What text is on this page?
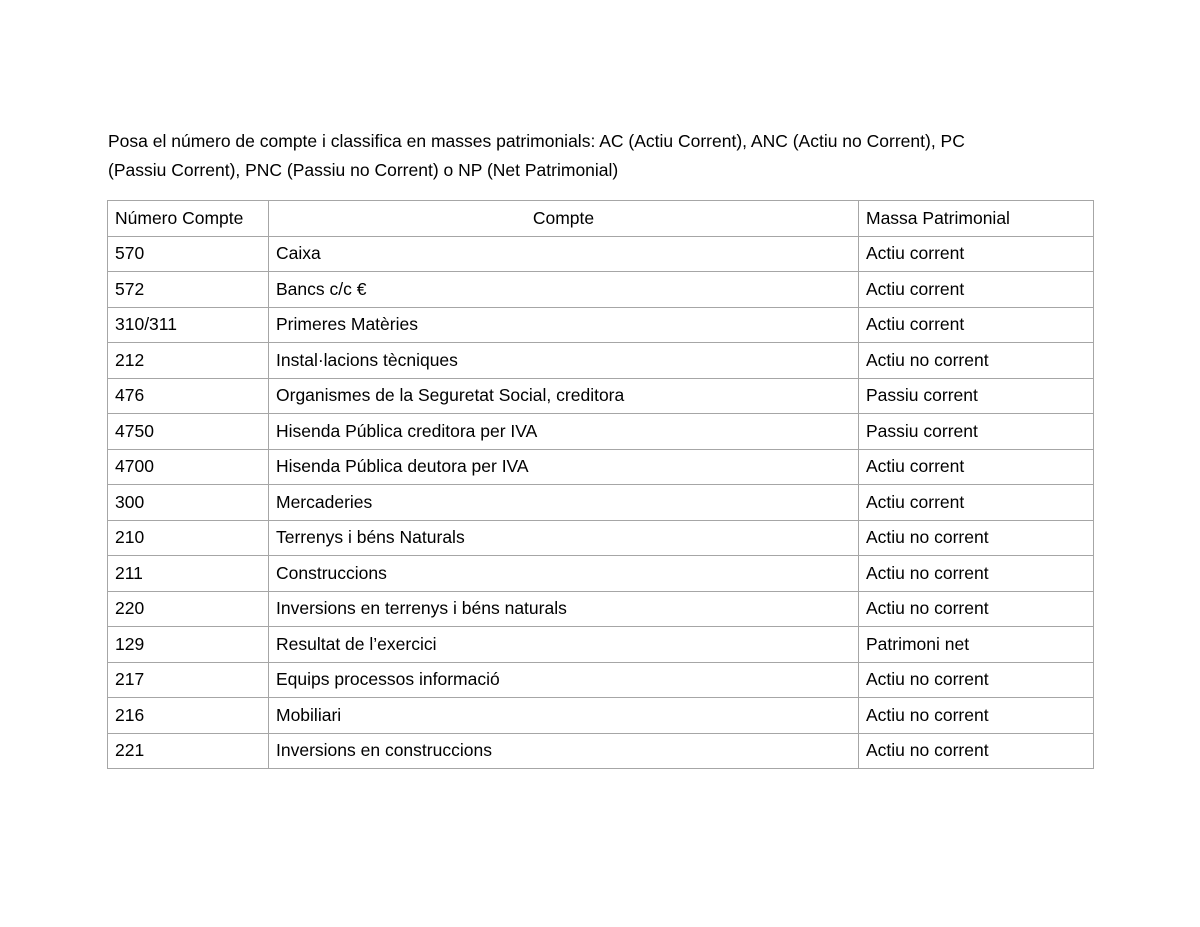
Posa el número de compte i classifica en masses patrimonials: AC (Actiu Corrent), ANC (Actiu no Corrent), PC
(Passiu Corrent), PNC (Passiu no Corrent) o NP (Net Patrimonial)

Número Compte	Compte	Massa Patrimonial
570	Caixa	Actiu corrent
572	Bancs c/c €	Actiu corrent
310/311	Primeres Matèries	Actiu corrent
212	Instal·lacions tècniques	Actiu no corrent
476	Organismes de la Seguretat Social, creditora	Passiu corrent
4750	Hisenda Pública creditora per IVA	Passiu corrent
4700	Hisenda Pública deutora per IVA	Actiu corrent
300	Mercaderies	Actiu corrent
210	Terrenys i béns Naturals	Actiu no corrent
211	Construccions	Actiu no corrent
220	Inversions en terrenys i béns naturals	Actiu no corrent
129	Resultat de l’exercici	Patrimoni net
217	Equips processos informació	Actiu no corrent
216	Mobiliari	Actiu no corrent
221	Inversions en construccions	Actiu no corrent
